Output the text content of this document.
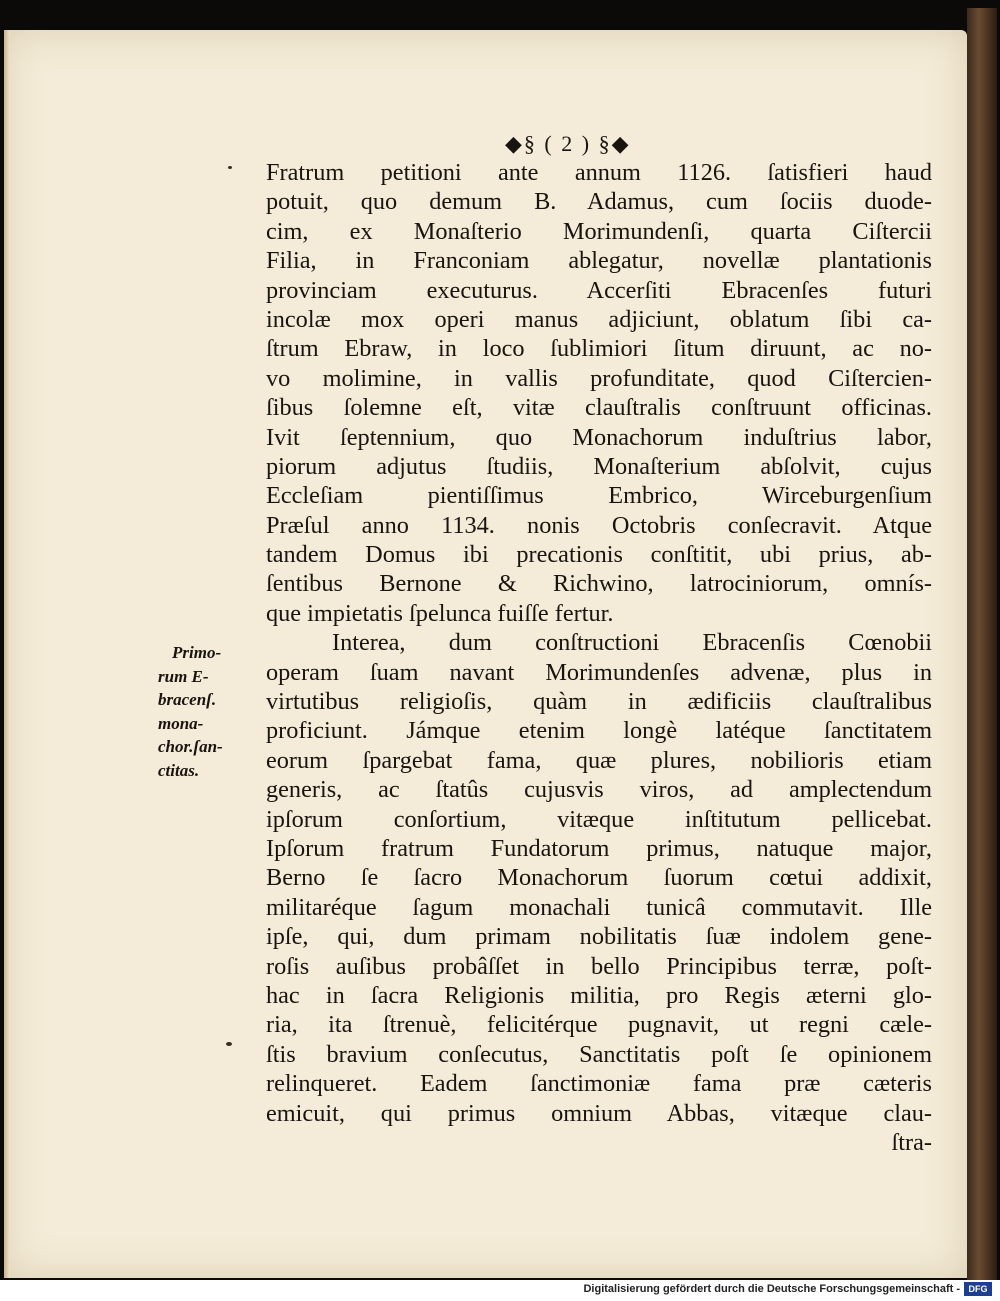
◆§ ( 2 ) §◆
Primo-
rum E-
bracenſ.
mona-
chor.ſan-
ctitas.
Fratrum petitioni ante annum 1126. ſatisfieri haud
potuit, quo demum B. Adamus, cum ſociis duode-
cim, ex Monaſterio Morimundenſi, quarta Ciſtercii
Filia, in Franconiam ablegatur, novellæ plantationis
provinciam executurus. Accerſiti Ebracenſes futuri
incolæ mox operi manus adjiciunt, oblatum ſibi ca-
ſtrum Ebraw, in loco ſublimiori ſitum diruunt, ac no-
vo molimine, in vallis profunditate, quod Ciſtercien-
ſibus ſolemne eſt, vitæ clauſtralis conſtruunt officinas.
Ivit ſeptennium, quo Monachorum induſtrius labor,
piorum adjutus ſtudiis, Monaſterium abſolvit, cujus
Eccleſiam pientiſſimus Embrico, Wirceburgenſium
Præſul anno 1134. nonis Octobris conſecravit. Atque
tandem Domus ibi precationis conſtitit, ubi prius, ab-
ſentibus Bernone & Richwino, latrociniorum, omnís-
que impietatis ſpelunca fuiſſe fertur.
Interea, dum conſtructioni Ebracenſis Cœnobii
operam ſuam navant Morimundenſes advenæ, plus in
virtutibus religioſis, quàm in ædificiis clauſtralibus
proficiunt. Jámque etenim longè latéque ſanctitatem
eorum ſpargebat fama, quæ plures, nobilioris etiam
generis, ac ſtatûs cujusvis viros, ad amplectendum
ipſorum conſortium, vitæque inſtitutum pellicebat.
Ipſorum fratrum Fundatorum primus, natuque major,
Berno ſe ſacro Monachorum ſuorum cœtui addixit,
militaréque ſagum monachali tunicâ commutavit. Ille
ipſe, qui, dum primam nobilitatis ſuæ indolem gene-
roſis auſibus probâſſet in bello Principibus terræ, poſt-
hac in ſacra Religionis militia, pro Regis æterni glo-
ria, ita ſtrenuè, felicitérque pugnavit, ut regni cæle-
ſtis bravium conſecutus, Sanctitatis poſt ſe opinionem
relinqueret. Eadem ſanctimoniæ fama præ cæteris
emicuit, qui primus omnium Abbas, vitæque clau-
ſtra-
Digitalisierung gefördert durch die Deutsche Forschungsgemeinschaft - DFG
